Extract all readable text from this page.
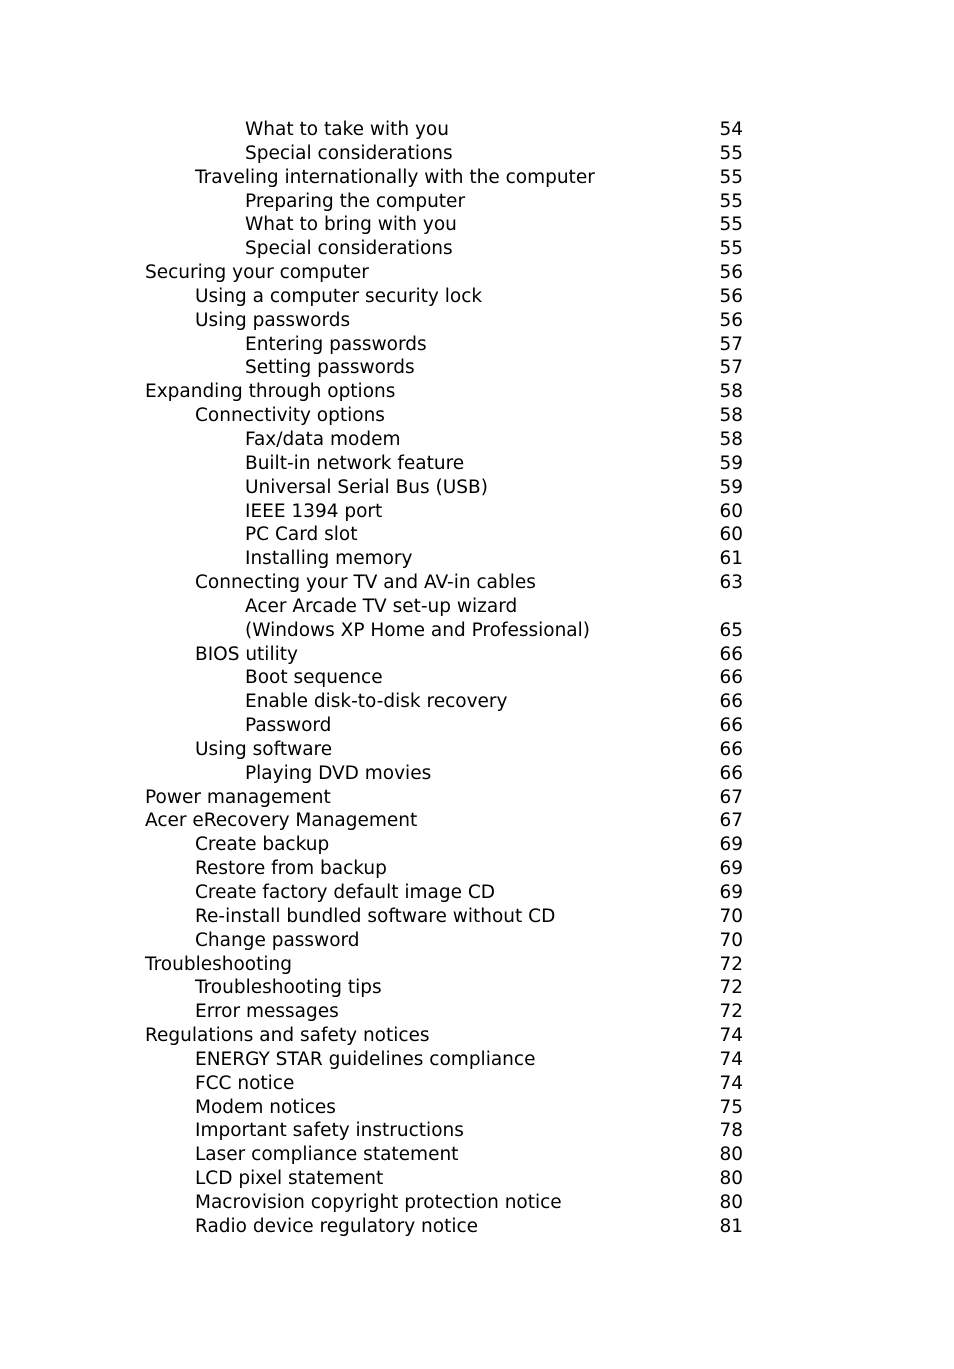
What to take with you	54
Special considerations	55
Traveling internationally with the computer	55
Preparing the computer	55
What to bring with you	55
Special considerations	55
Securing your computer	56
Using a computer security lock	56
Using passwords	56
Entering passwords	57
Setting passwords	57
Expanding through options	58
Connectivity options	58
Fax/data modem	58
Built-in network feature	59
Universal Serial Bus (USB)	59
IEEE 1394 port	60
PC Card slot	60
Installing memory	61
Connecting your TV and AV-in cables	63
Acer Arcade TV set-up wizard
(Windows XP Home and Professional)	65
BIOS utility	66
Boot sequence	66
Enable disk-to-disk recovery	66
Password	66
Using software	66
Playing DVD movies	66
Power management	67
Acer eRecovery Management	67
Create backup	69
Restore from backup	69
Create factory default image CD	69
Re-install bundled software without CD	70
Change password	70
Troubleshooting	72
Troubleshooting tips	72
Error messages	72
Regulations and safety notices	74
ENERGY STAR guidelines compliance	74
FCC notice	74
Modem notices	75
Important safety instructions	78
Laser compliance statement	80
LCD pixel statement	80
Macrovision copyright protection notice	80
Radio device regulatory notice	81
